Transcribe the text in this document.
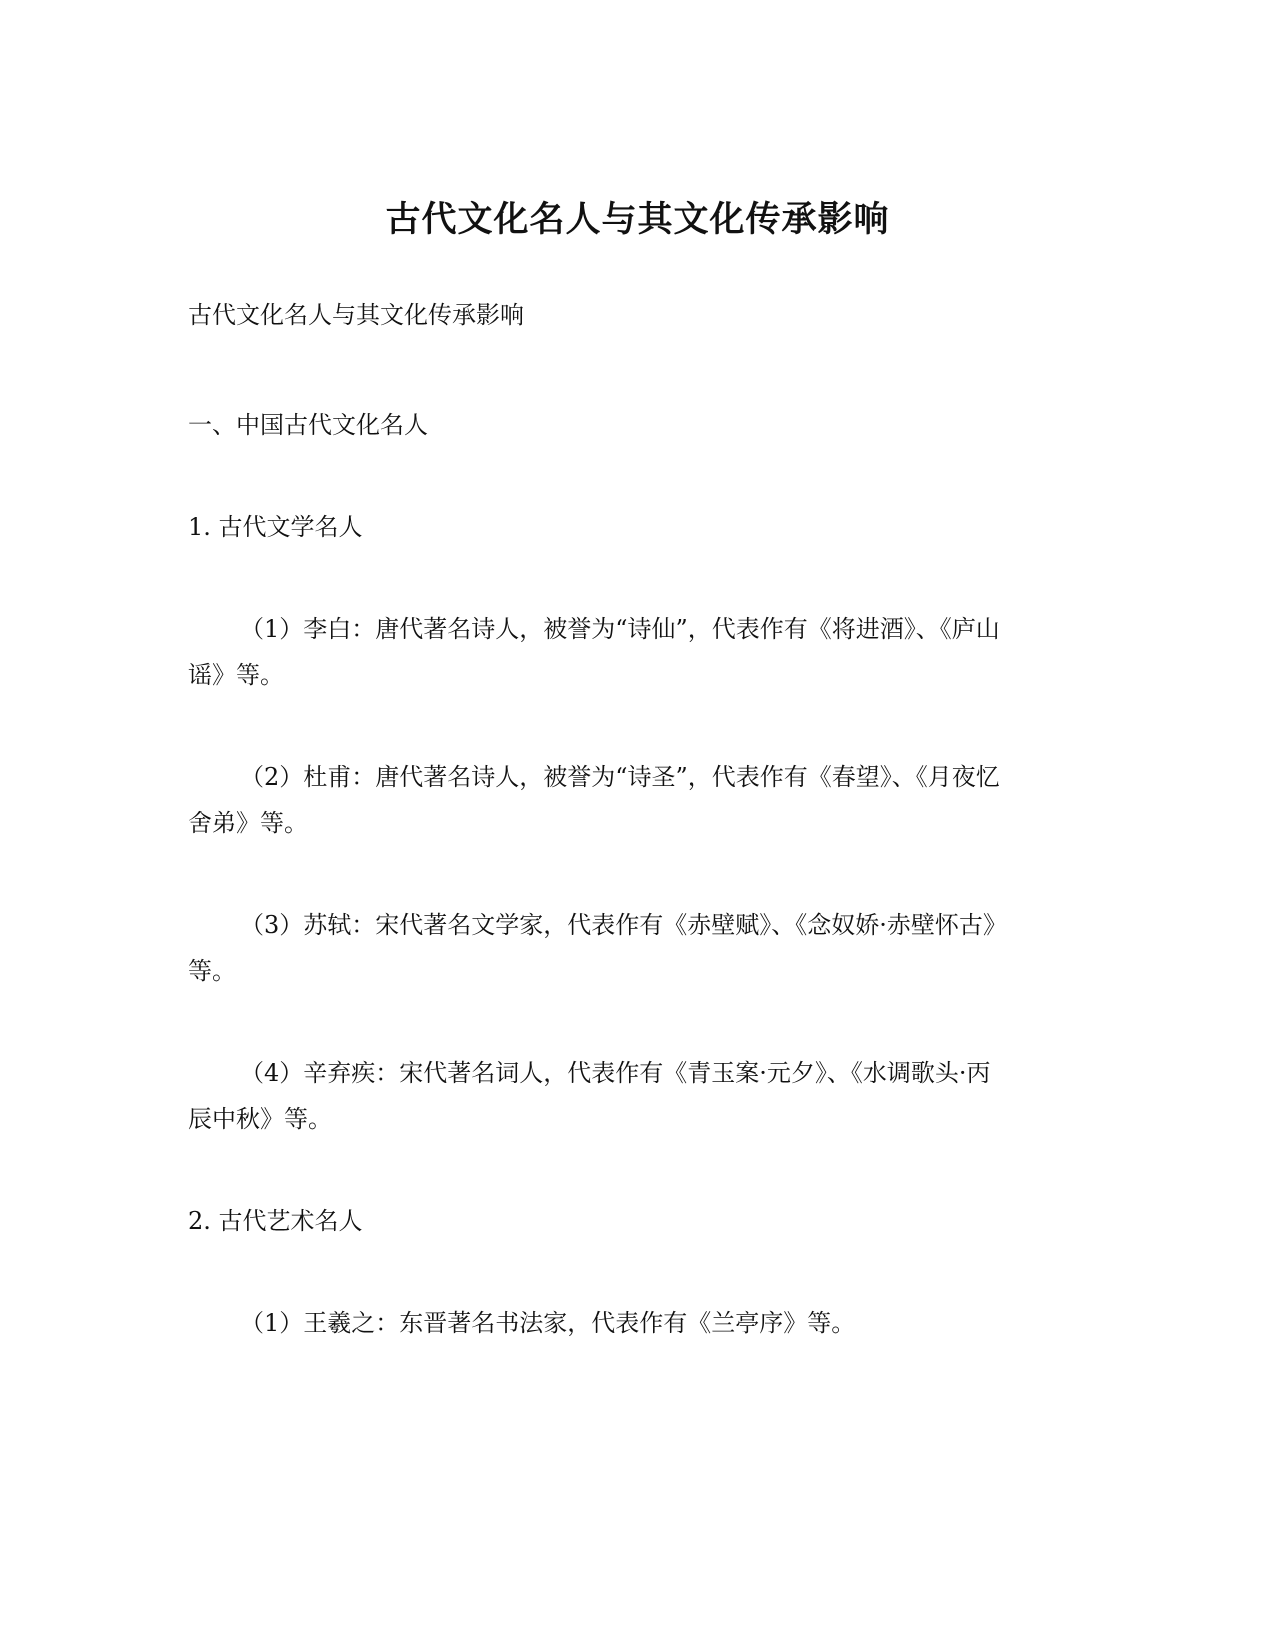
古代文化名人与其文化传承影响

古代文化名人与其文化传承影响

一、中国古代文化名人

1. 古代文学名人

（1）李白：唐代著名诗人，被誉为“诗仙”，代表作有《将进酒》、《庐山

谣》等。

（2）杜甫：唐代著名诗人，被誉为“诗圣”，代表作有《春望》、《月夜忆

舍弟》等。

（3）苏轼：宋代著名文学家，代表作有《赤壁赋》、《念奴娇·赤壁怀古》

等。

（4）辛弃疾：宋代著名词人，代表作有《青玉案·元夕》、《水调歌头·丙

辰中秋》等。

2. 古代艺术名人

（1）王羲之：东晋著名书法家，代表作有《兰亭序》等。
